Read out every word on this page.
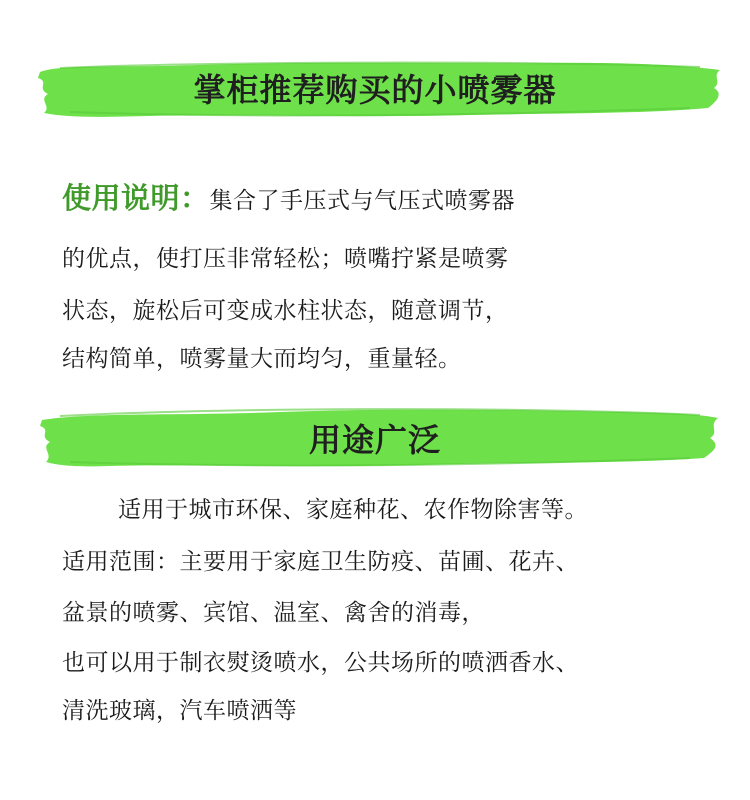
掌柜推荐购买的小喷雾器
使用说明：集合了手压式与气压式喷雾器
的优点，使打压非常轻松；喷嘴拧紧是喷雾
状态，旋松后可变成水柱状态，随意调节，
结构简单，喷雾量大而均匀，重量轻。
用途广泛
适用于城市环保、家庭种花、农作物除害等。
适用范围：主要用于家庭卫生防疫、苗圃、花卉、
盆景的喷雾、宾馆、温室、禽舍的消毒，
也可以用于制衣熨烫喷水，公共场所的喷洒香水、
清洗玻璃，汽车喷洒等
